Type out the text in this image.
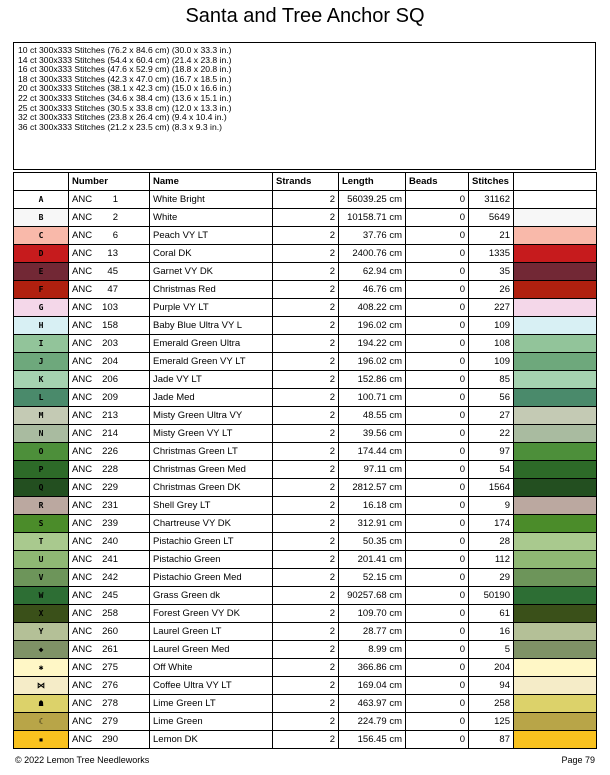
Santa and Tree Anchor SQ
10 ct 300x333 Stitches (76.2 x 84.6 cm) (30.0 x 33.3 in.)
14 ct 300x333 Stitches (54.4 x 60.4 cm) (21.4 x 23.8 in.)
16 ct 300x333 Stitches (47.6 x 52.9 cm) (18.8 x 20.8 in.)
18 ct 300x333 Stitches (42.3 x 47.0 cm) (16.7 x 18.5 in.)
20 ct 300x333 Stitches (38.1 x 42.3 cm) (15.0 x 16.6 in.)
22 ct 300x333 Stitches (34.6 x 38.4 cm) (13.6 x 15.1 in.)
25 ct 300x333 Stitches (30.5 x 33.8 cm) (12.0 x 13.3 in.)
32 ct 300x333 Stitches (23.8 x 26.4 cm) (9.4 x 10.4 in.)
36 ct 300x333 Stitches (21.2 x 23.5 cm) (8.3 x 9.3 in.)
	Number	Name	Strands	Length	Beads	Stitches	
A	ANC 1	White Bright	2	56039.25 cm	0	31162	
B	ANC 2	White	2	10158.71 cm	0	5649	
C	ANC 6	Peach VY LT	2	37.76 cm	0	21	
D	ANC 13	Coral DK	2	2400.76 cm	0	1335	
E	ANC 45	Garnet VY DK	2	62.94 cm	0	35	
F	ANC 47	Christmas Red	2	46.76 cm	0	26	
G	ANC 103	Purple VY LT	2	408.22 cm	0	227	
H	ANC 158	Baby Blue Ultra VY L	2	196.02 cm	0	109	
I	ANC 203	Emerald Green Ultra	2	194.22 cm	0	108	
J	ANC 204	Emerald Green VY LT	2	196.02 cm	0	109	
K	ANC 206	Jade VY LT	2	152.86 cm	0	85	
L	ANC 209	Jade Med	2	100.71 cm	0	56	
M	ANC 213	Misty Green Ultra VY	2	48.55 cm	0	27	
N	ANC 214	Misty Green VY LT	2	39.56 cm	0	22	
O	ANC 226	Christmas Green LT	2	174.44 cm	0	97	
P	ANC 228	Christmas Green Med	2	97.11 cm	0	54	
Q	ANC 229	Christmas Green DK	2	2812.57 cm	0	1564	
R	ANC 231	Shell Grey LT	2	16.18 cm	0	9	
S	ANC 239	Chartreuse VY DK	2	312.91 cm	0	174	
T	ANC 240	Pistachio Green LT	2	50.35 cm	0	28	
U	ANC 241	Pistachio Green	2	201.41 cm	0	112	
V	ANC 242	Pistachio Green Med	2	52.15 cm	0	29	
W	ANC 245	Grass Green dk	2	90257.68 cm	0	50190	
X	ANC 258	Forest Green VY DK	2	109.70 cm	0	61	
Y	ANC 260	Laurel Green LT	2	28.77 cm	0	16	
◆	ANC 261	Laurel Green Med	2	8.99 cm	0	5	
✱	ANC 275	Off White	2	366.86 cm	0	204	
⋈	ANC 276	Coffee Ultra VY LT	2	169.04 cm	0	94	
☗	ANC 278	Lime Green LT	2	463.97 cm	0	258	
☾	ANC 279	Lime Green	2	224.79 cm	0	125	
▪	ANC 290	Lemon DK	2	156.45 cm	0	87	
© 2022 Lemon Tree Needleworks	Page 79
